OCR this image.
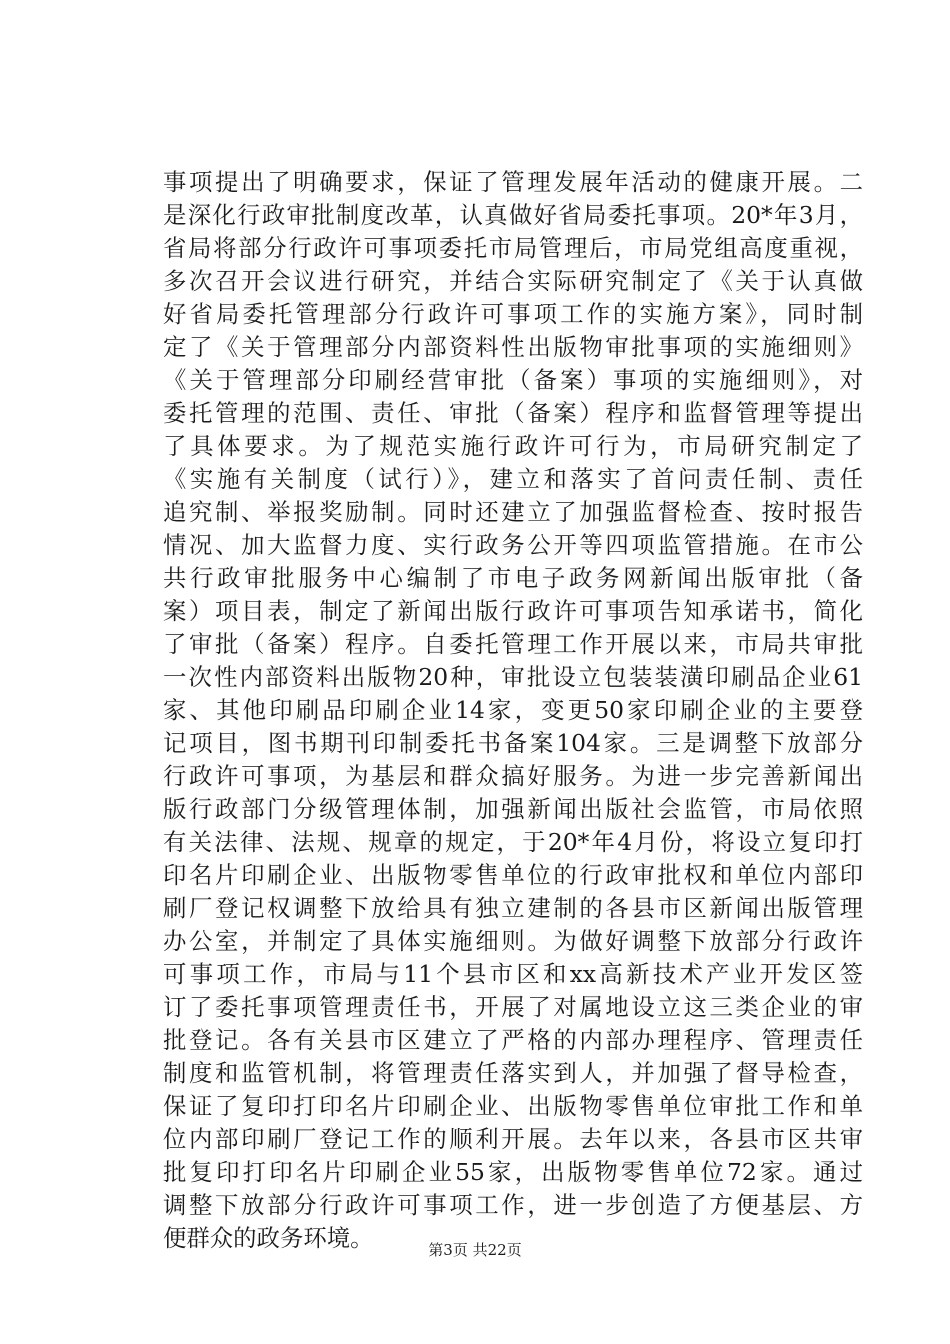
事项提出了明确要求，保证了管理发展年活动的健康开展。二
是深化行政审批制度改革，认真做好省局委托事项。20*年3月，
省局将部分行政许可事项委托市局管理后，市局党组高度重视，
多次召开会议进行研究，并结合实际研究制定了《关于认真做
好省局委托管理部分行政许可事项工作的实施方案》，同时制
定了《关于管理部分内部资料性出版物审批事项的实施细则》
《关于管理部分印刷经营审批（备案）事项的实施细则》，对
委托管理的范围、责任、审批（备案）程序和监督管理等提出
了具体要求。为了规范实施行政许可行为，市局研究制定了
《实施有关制度（试行）》，建立和落实了首问责任制、责任
追究制、举报奖励制。同时还建立了加强监督检查、按时报告
情况、加大监督力度、实行政务公开等四项监管措施。在市公
共行政审批服务中心编制了市电子政务网新闻出版审批（备
案）项目表，制定了新闻出版行政许可事项告知承诺书，简化
了审批（备案）程序。自委托管理工作开展以来，市局共审批
一次性内部资料出版物20种，审批设立包装装潢印刷品企业61
家、其他印刷品印刷企业14家，变更50家印刷企业的主要登
记项目，图书期刊印制委托书备案104家。三是调整下放部分
行政许可事项，为基层和群众搞好服务。为进一步完善新闻出
版行政部门分级管理体制，加强新闻出版社会监管，市局依照
有关法律、法规、规章的规定，于20*年4月份，将设立复印打
印名片印刷企业、出版物零售单位的行政审批权和单位内部印
刷厂登记权调整下放给具有独立建制的各县市区新闻出版管理
办公室，并制定了具体实施细则。为做好调整下放部分行政许
可事项工作，市局与11个县市区和xx高新技术产业开发区签
订了委托事项管理责任书，开展了对属地设立这三类企业的审
批登记。各有关县市区建立了严格的内部办理程序、管理责任
制度和监管机制，将管理责任落实到人，并加强了督导检查，
保证了复印打印名片印刷企业、出版物零售单位审批工作和单
位内部印刷厂登记工作的顺利开展。去年以来，各县市区共审
批复印打印名片印刷企业55家，出版物零售单位72家。通过
调整下放部分行政许可事项工作，进一步创造了方便基层、方
便群众的政务环境。	第3页 共22页
